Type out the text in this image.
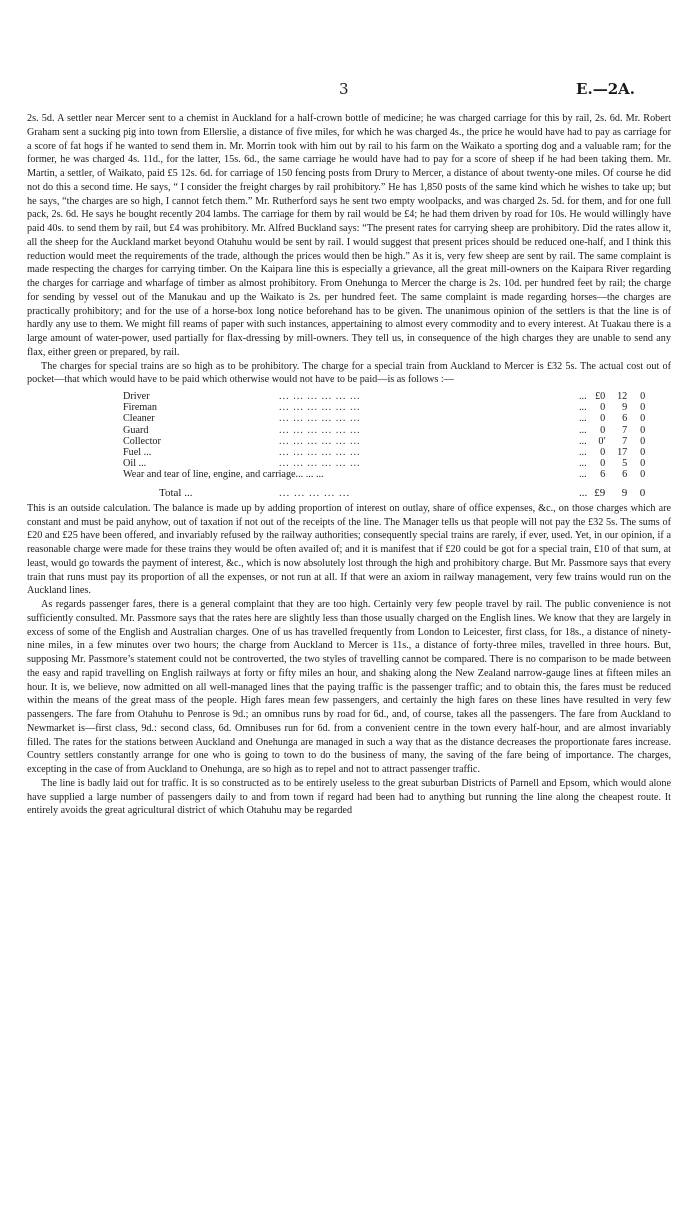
3	E.—2A.

2s. 5d. A settler near Mercer sent to a chemist in Auckland for a half-crown bottle of medicine; he was charged carriage for this by rail, 2s. 6d. Mr. Robert Graham sent a sucking pig into town from Ellerslie, a distance of five miles, for which he was charged 4s., the price he would have had to pay as carriage for a score of fat hogs if he wanted to send them in. Mr. Morrin took with him out by rail to his farm on the Waikato a sporting dog and a valuable ram; for the former, he was charged 4s. 11d., for the latter, 15s. 6d., the same carriage he would have had to pay for a score of sheep if he had been taking them. Mr. Martin, a settler, of Waikato, paid £5 12s. 6d. for carriage of 150 fencing posts from Drury to Mercer, a distance of about twenty-one miles. Of course he did not do this a second time. He says, “ I consider the freight charges by rail prohibitory.” He has 1,850 posts of the same kind which he wishes to take up; but he says, “the charges are so high, I cannot fetch them.” Mr. Rutherford says he sent two empty woolpacks, and was charged 2s. 5d. for them, and for one full pack, 2s. 6d. He says he bought recently 204 lambs. The carriage for them by rail would be £4; he had them driven by road for 10s. He would willingly have paid 40s. to send them by rail, but £4 was prohibitory. Mr. Alfred Buckland says: “The present rates for carrying sheep are prohibitory. Did the rates allow it, all the sheep for the Auckland market beyond Otahuhu would be sent by rail. I would suggest that present prices should be reduced one-half, and I think this reduction would meet the requirements of the trade, although the prices would then be high.” As it is, very few sheep are sent by rail. The same complaint is made respecting the charges for carrying timber. On the Kaipara line this is especially a grievance, all the great mill-owners on the Kaipara River regarding the charges for carriage and wharfage of timber as almost prohibitory. From Onehunga to Mercer the charge is 2s. 10d. per hundred feet by rail; the charge for sending by vessel out of the Manukau and up the Waikato is 2s. per hundred feet. The same complaint is made regarding horses—the charges are practically prohibitory; and for the use of a horse-box long notice beforehand has to be given. The unanimous opinion of the settlers is that the line is of hardly any use to them. We might fill reams of paper with such instances, appertaining to almost every commodity and to every interest. At Tuakau there is a large amount of water-power, used partially for flax-dressing by mill-owners. They tell us, in consequence of the high charges they are unable to send any flax, either green or prepared, by rail.

The charges for special trains are so high as to be prohibitory. The charge for a special train from Auckland to Mercer is £32 5s. The actual cost out of pocket—that which would have to be paid which otherwise would not have to be paid—is as follows :—

Driver	... ... ... ... ... ...	...	£0	12	0
Fireman	... ... ... ... ... ...	...	0	9	0
Cleaner	... ... ... ... ... ...	...	0	6	0
Guard	... ... ... ... ... ...	...	0	7	0
Collector	... ... ... ... ... ...	...	0'	7	0
Fuel ...	... ... ... ... ... ...	...	0	17	0
Oil ...	... ... ... ... ... ...	...	0	5	0
Wear and tear of line, engine, and carriage... ... ...		...	6	6	0
Total ...	... ... ... ... ...	...	£9	9	0

This is an outside calculation. The balance is made up by adding proportion of interest on outlay, share of office expenses, &c., on those charges which are constant and must be paid anyhow, out of taxation if not out of the receipts of the line. The Manager tells us that people will not pay the £32 5s. The sums of £20 and £25 have been offered, and invariably refused by the railway authorities; consequently special trains are rarely, if ever, used. Yet, in our opinion, if a reasonable charge were made for these trains they would be often availed of; and it is manifest that if £20 could be got for a special train, £10 of that sum, at least, would go towards the payment of interest, &c., which is now absolutely lost through the high and prohibitory charge. But Mr. Passmore says that every train that runs must pay its proportion of all the expenses, or not run at all. If that were an axiom in railway management, very few trains would run on the Auckland lines.

As regards passenger fares, there is a general complaint that they are too high. Certainly very few people travel by rail. The public convenience is not sufficiently consulted. Mr. Passmore says that the rates here are slightly less than those usually charged on the English lines. We know that they are largely in excess of some of the English and Australian charges. One of us has travelled frequently from London to Leicester, first class, for 18s., a distance of ninety-nine miles, in a few minutes over two hours; the charge from Auckland to Mercer is 11s., a distance of forty-three miles, travelled in three hours. But, supposing Mr. Passmore’s statement could not be controverted, the two styles of travelling cannot be compared. There is no comparison to be made between the easy and rapid travelling on English railways at forty or fifty miles an hour, and shaking along the New Zealand narrow-gauge lines at fifteen miles an hour. It is, we believe, now admitted on all well-managed lines that the paying traffic is the passenger traffic; and to obtain this, the fares must be reduced within the means of the great mass of the people. High fares mean few passengers, and certainly the high fares on these lines have resulted in very few passengers. The fare from Otahuhu to Penrose is 9d.; an omnibus runs by road for 6d., and, of course, takes all the passengers. The fare from Auckland to Newmarket is—first class, 9d.: second class, 6d. Omnibuses run for 6d. from a convenient centre in the town every half-hour, and are almost invariably filled. The rates for the stations between Auckland and Onehunga are managed in such a way that as the distance decreases the proportionate fares increase. Country settlers constantly arrange for one who is going to town to do the business of many, the saving of the fare being of importance. The charges, excepting in the case of from Auckland to Onehunga, are so high as to repel and not to attract passenger traffic.

The line is badly laid out for traffic. It is so constructed as to be entirely useless to the great suburban Districts of Parnell and Epsom, which would alone have supplied a large number of passengers daily to and from town if regard had been had to anything but running the line along the cheapest route. It entirely avoids the great agricultural district of which Otahuhu may be regarded
